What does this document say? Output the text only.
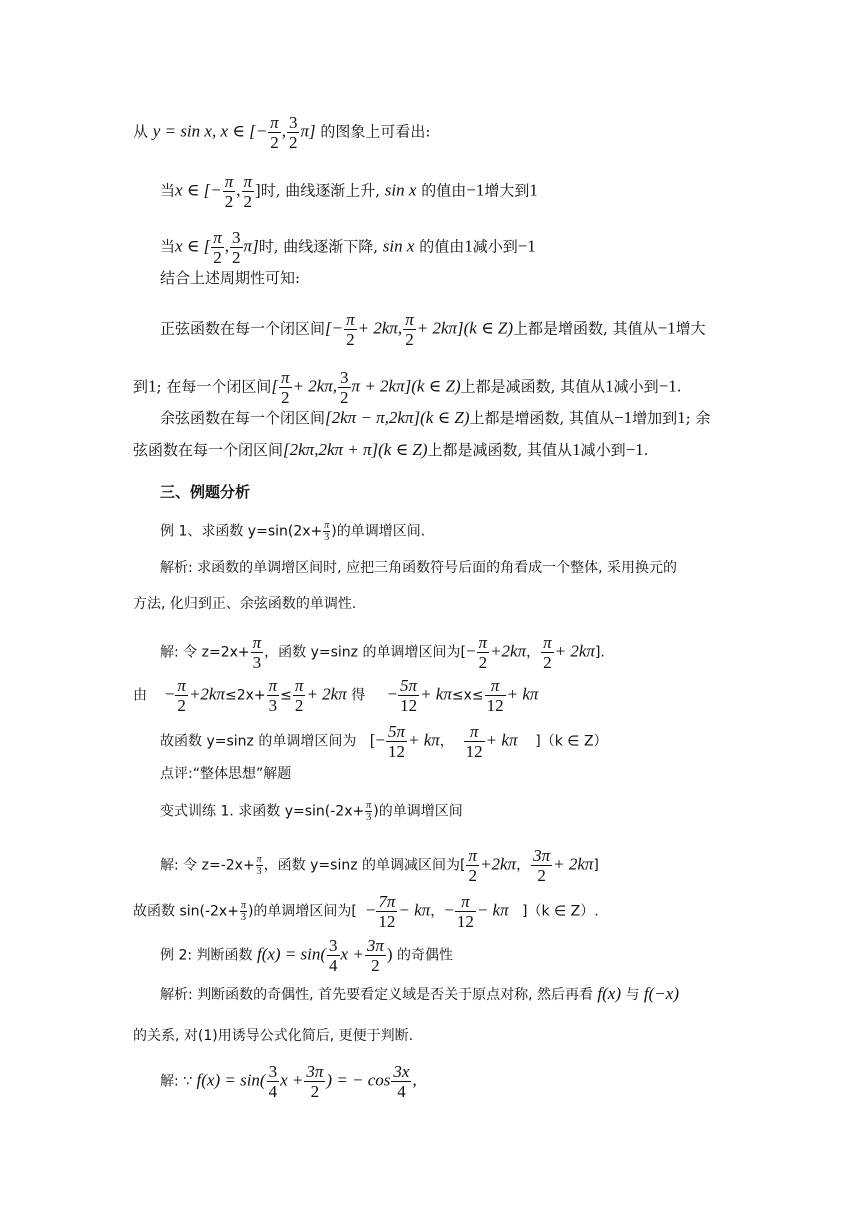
从 y = sin x, x ∈ [− $\frac{\pi}{2}$ , $\frac{3}{2} \pi$] 的图象上可看出:
当x ∈ [− $\frac{\pi}{2}$ , $\frac{\pi}{2}$ ]时, 曲线逐渐上升, sin x 的值由−1增大到1
当x ∈ [ $\frac{\pi}{2}$ , $\frac{3}{2} \pi$]时, 曲线逐渐下降, sin x 的值由1减小到−1
结合上述周期性可知:
正弦函数在每一个闭区间[− $\frac{\pi}{2} + 2k\pi$, $\frac{\pi}{2} + 2k\pi](k$ ∈ Z)上都是增函数, 其值从−1增大
到1; 在每一个闭区间[ $\frac{\pi}{2} + 2k\pi$, $\frac{3}{2}$ π + 2kπ](k ∈ Z)上都是减函数, 其值从1减小到−1.
余弦函数在每一个闭区间[2kπ − π,2kπ](k ∈ Z)上都是增函数, 其值从−1增加到1; 余
弦函数在每一个闭区间[2kπ,2kπ + π](k ∈ Z)上都是减函数, 其值从1减小到−1.
三、例题分析
例 1、求函数 $y=\sin(2x+ \frac{\pi}{3}$ )的单调增区间.
解析: 求函数的单调增区间时, 应把三角函数符号后面的角看成一个整体, 采用换元的
方法, 化归到正、余弦函数的单调性.
解: 令 $z=2x+ \frac{\pi}{3}$ ，函数 y=sinz 的单调增区间为[− $\frac{\pi}{2} +2k\pi$， $\frac{\pi}{2} + 2k\pi$].
由 − $\frac{\pi}{2} +2k\pi\le 2x+ \frac{\pi}{3} \le \frac{\pi}{2} + 2k\pi$ 得 − $\frac{5\pi}{12} + k\pi\le x\le \frac{\pi}{12} + k\pi$
故函数 y=sinz 的单调增区间为 [− $\frac{5\pi}{12} + k\pi$， $\frac{\pi}{12} + k\pi$ ]（k ∈ Z）
点评:“整体思想”解题
变式训练 1. 求函数 $y=\sin(-2x+ \frac{\pi}{3}$ )的单调增区间
解: 令 $z=-2x+ \frac{\pi}{3}$ ，函数 y=sinz 的单调减区间为[ $\frac{\pi}{2} +2k\pi$， $\frac{3\pi}{2} + 2k\pi$]
故函数 $\sin(-2x+ \frac{\pi}{3}$ )的单调增区间为[ − $\frac{7\pi}{12} - k\pi$，− $\frac{\pi}{12} - k\pi$ ]（k ∈ Z）.
例 2: 判断函数 $f(x) = \sin( \frac{3}{4}$ $x + \frac{3\pi}{2}$ ) 的奇偶性
解析: 判断函数的奇偶性, 首先要看定义域是否关于原点对称, 然后再看 f(x) 与 f(−x)
的关系, 对(1)用诱导公式化简后, 更便于判断.
解: ∵ $f(x) = \sin( \frac{3}{4}$ $x + \frac{3\pi}{2}$ ) = − $\cos \frac{3x}{4}$ ,
